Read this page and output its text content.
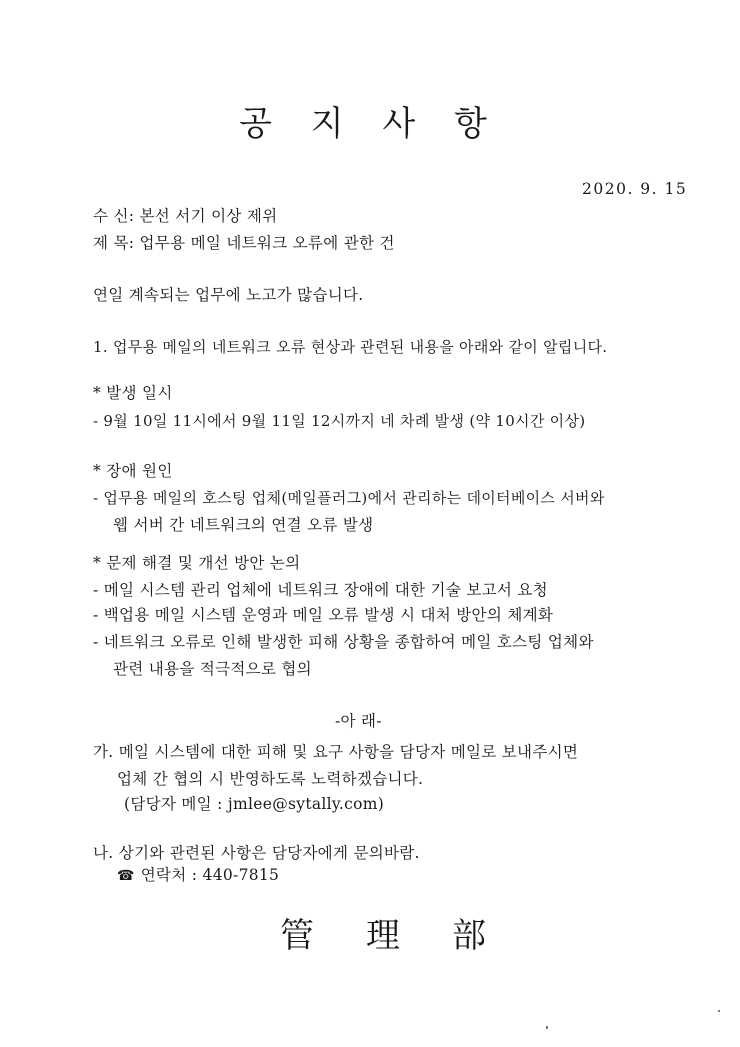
공 지 사 항
2020. 9. 15
수 신: 본선 서기 이상 제위
제 목: 업무용 메일 네트워크 오류에 관한 건
연일 계속되는 업무에 노고가 많습니다.
1. 업무용 메일의 네트워크 오류 현상과 관련된 내용을 아래와 같이 알립니다.
* 발생 일시
- 9월 10일 11시에서 9월 11일 12시까지 네 차례 발생 (약 10시간 이상)
* 장애 원인
- 업무용 메일의 호스팅 업체(메일플러그)에서 관리하는 데이터베이스 서버와
웹 서버 간 네트워크의 연결 오류 발생
* 문제 해결 및 개선 방안 논의
- 메일 시스템 관리 업체에 네트워크 장애에 대한 기술 보고서 요청
- 백업용 메일 시스템 운영과 메일 오류 발생 시 대처 방안의 체계화
- 네트워크 오류로 인해 발생한 피해 상황을 종합하여 메일 호스팅 업체와
관련 내용을 적극적으로 협의
-아 래-
가. 메일 시스템에 대한 피해 및 요구 사항을 담당자 메일로 보내주시면
업체 간 협의 시 반영하도록 노력하겠습니다.
(담당자 메일 : jmlee@sytally.com)
나. 상기와 관련된 사항은 담당자에게 문의바람.
☎ 연락처 : 440-7815
管理部
